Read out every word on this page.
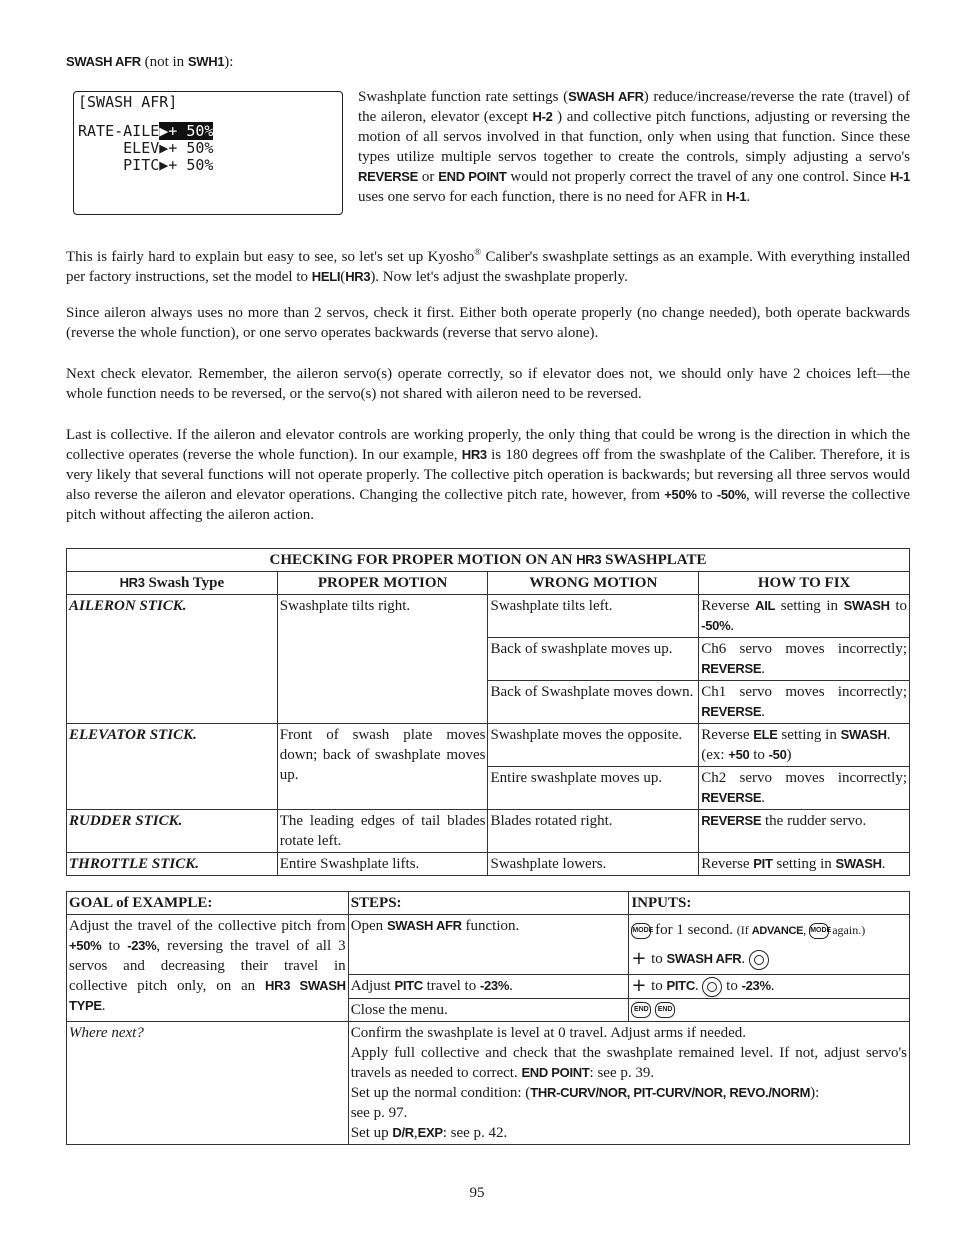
SWASH AFR (not in SWH1):
[SWASH AFR]
RATE-AILE▶+ 50%
ELEV▶+ 50%
PITC▶+ 50%
Swashplate function rate settings (SWASH AFR) reduce/increase/reverse the rate (travel) of the aileron, elevator (except H-2 ) and collective pitch functions, adjusting or reversing the motion of all servos involved in that function, only when using that function. Since these types utilize multiple servos together to create the controls, simply adjusting a servo's REVERSE or END POINT would not properly correct the travel of any one control. Since H-1 uses one servo for each function, there is no need for AFR in H-1.
This is fairly hard to explain but easy to see, so let's set up Kyosho® Caliber's swashplate settings as an example. With everything installed per factory instructions, set the model to HELI(HR3). Now let's adjust the swashplate properly.
Since aileron always uses no more than 2 servos, check it first. Either both operate properly (no change needed), both operate backwards (reverse the whole function), or one servo operates backwards (reverse that servo alone).
Next check elevator. Remember, the aileron servo(s) operate correctly, so if elevator does not, we should only have 2 choices left—the whole function needs to be reversed, or the servo(s) not shared with aileron need to be reversed.
Last is collective. If the aileron and elevator controls are working properly, the only thing that could be wrong is the direction in which the collective operates (reverse the whole function). In our example, HR3 is 180 degrees off from the swashplate of the Caliber. Therefore, it is very likely that several functions will not operate properly. The collective pitch operation is backwards; but reversing all three servos would also reverse the aileron and elevator operations. Changing the collective pitch rate, however, from +50% to -50%, will reverse the collective pitch without affecting the aileron action.
CHECKING FOR PROPER MOTION ON AN HR3 SWASHPLATE			
HR3 Swash Type	PROPER MOTION	WRONG MOTION	HOW TO FIX
AILERON STICK.	Swashplate tilts right.	Swashplate tilts left.	Reverse AIL setting in SWASH to -50%.
		Back of swashplate moves up.	Ch6 servo moves incorrectly; REVERSE.
		Back of Swashplate moves down.	Ch1 servo moves incorrectly; REVERSE.
ELEVATOR STICK.	Front of swash plate moves down; back of swashplate moves up.	Swashplate moves the opposite.	Reverse ELE setting in SWASH. (ex: +50 to -50)
		Entire swashplate moves up.	Ch2 servo moves incorrectly; REVERSE.
RUDDER STICK.	The leading edges of tail blades rotate left.	Blades rotated right.	REVERSE the rudder servo.
THROTTLE STICK.	Entire Swashplate lifts.	Swashplate lowers.	Reverse PIT setting in SWASH.
GOAL of EXAMPLE:	STEPS:	INPUTS:
Adjust the travel of the collective pitch from +50% to -23%, reversing the travel of all 3 servos and decreasing their travel in collective pitch only, on an HR3 SWASH TYPE.	Open SWASH AFR function.	MODE for 1 second. (If ADVANCE, MODE again.)
+ to SWASH AFR.
	Adjust PITC travel to -23%.	+ to PITC.  to -23%.
	Close the menu.	END END
Where next?	Confirm the swashplate is level at 0 travel. Adjust arms if needed.
Apply full collective and check that the swashplate remained level. If not, adjust servo's travels as needed to correct. END POINT: see p. 39.
Set up the normal condition: (THR-CURV/NOR, PIT-CURV/NOR, REVO./NORM):
see p. 97.
Set up D/R,EXP: see p. 42.	
95
